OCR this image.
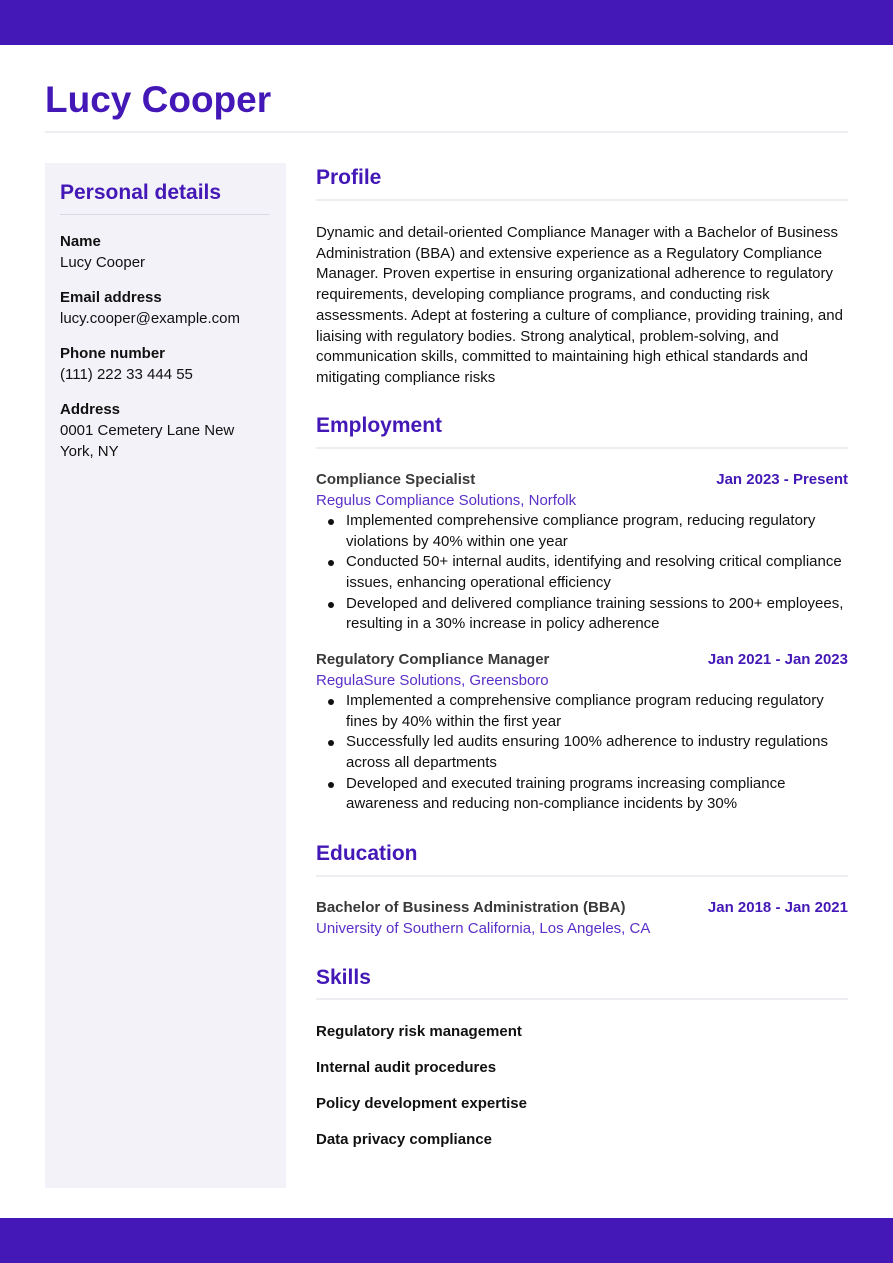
Lucy Cooper
Personal details
Name
Lucy Cooper
Email address
lucy.cooper@example.com
Phone number
(111) 222 33 444 55
Address
0001 Cemetery Lane New York, NY
Profile

Dynamic and detail-oriented Compliance Manager with a Bachelor of Business Administration (BBA) and extensive experience as a Regulatory Compliance Manager. Proven expertise in ensuring organizational adherence to regulatory requirements, developing compliance programs, and conducting risk assessments. Adept at fostering a culture of compliance, providing training, and liaising with regulatory bodies. Strong analytical, problem-solving, and communication skills, committed to maintaining high ethical standards and mitigating compliance risks

Employment
Compliance Specialist	Jan 2023 - Present
Regulus Compliance Solutions, Norfolk
Implemented comprehensive compliance program, reducing regulatory violations by 40% within one year
Conducted 50+ internal audits, identifying and resolving critical compliance issues, enhancing operational efficiency
Developed and delivered compliance training sessions to 200+ employees, resulting in a 30% increase in policy adherence
Regulatory Compliance Manager	Jan 2021 - Jan 2023
RegulaSure Solutions, Greensboro
Implemented a comprehensive compliance program reducing regulatory fines by 40% within the first year
Successfully led audits ensuring 100% adherence to industry regulations across all departments
Developed and executed training programs increasing compliance awareness and reducing non-compliance incidents by 30%
Education
Bachelor of Business Administration (BBA)	Jan 2018 - Jan 2021
University of Southern California, Los Angeles, CA
Skills
Regulatory risk management
Internal audit procedures
Policy development expertise
Data privacy compliance
